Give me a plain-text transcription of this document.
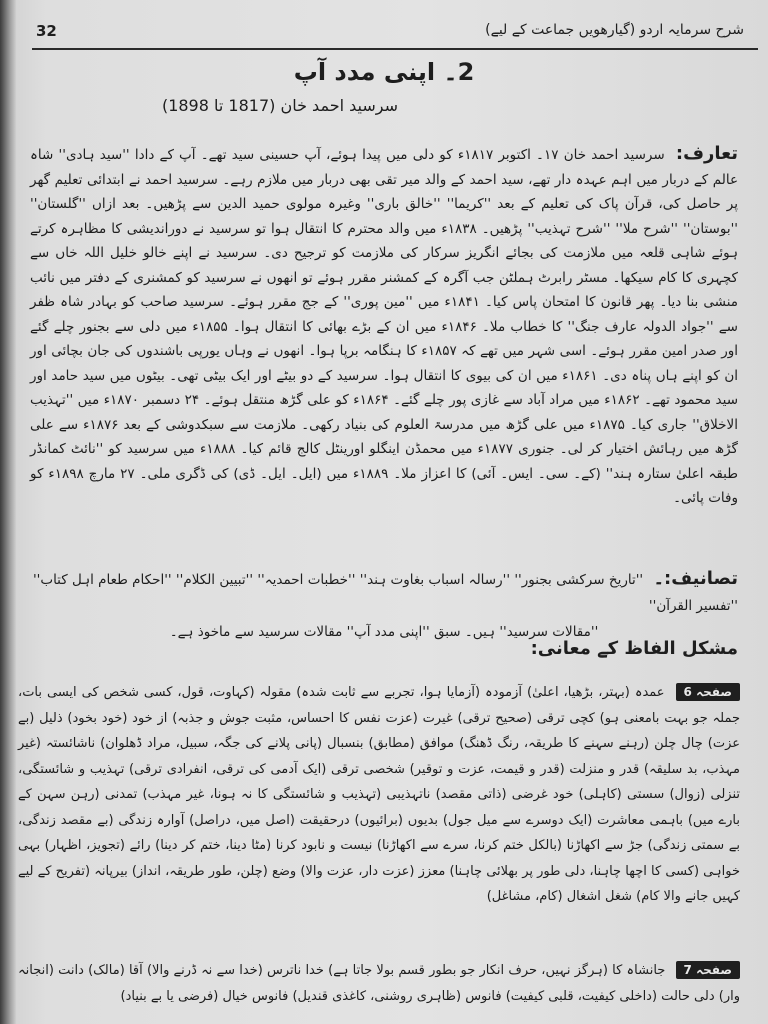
32	شرح سرمایہ اردو (گیارھویں جماعت کے لیے)
2۔ اپنی مدد آپ
سرسید احمد خان (1817 تا 1898)

تعارف: سرسید احمد خان ۱۷۔ اکتوبر ۱۸۱۷ء کو دلی میں پیدا ہوئے، آپ حسینی سید تھے۔ آپ کے دادا ''سید ہادی'' شاہ عالم کے دربار میں اہم عہدہ دار تھے، سید احمد کے والد میر تقی بھی دربار میں ملازم رہے۔ سرسید احمد نے ابتدائی تعلیم گھر پر حاصل کی، قرآن پاک کی تعلیم کے بعد ''کریما'' ''خالق باری'' وغیرہ مولوی حمید الدین سے پڑھیں۔ بعد ازاں ''گلستان'' ''بوستان'' ''شرح ملا'' ''شرح تہذیب'' پڑھیں۔ ۱۸۳۸ء میں والد محترم کا انتقال ہوا تو سرسید نے دوراندیشی کا مظاہرہ کرتے ہوئے شاہی قلعہ میں ملازمت کی بجائے انگریز سرکار کی ملازمت کو ترجیح دی۔ سرسید نے اپنے خالو خلیل اللہ خاں سے کچہری کا کام سیکھا۔ مسٹر رابرٹ ہملٹن جب آگرہ کے کمشنر مقرر ہوئے تو انھوں نے سرسید کو کمشنری کے دفتر میں نائب منشی بنا دیا۔ پھر قانون کا امتحان پاس کیا۔ ۱۸۴۱ء میں ''مین پوری'' کے جج مقرر ہوئے۔ سرسید صاحب کو بہادر شاہ ظفر سے ''جواد الدولہ عارف جنگ'' کا خطاب ملا۔ ۱۸۴۶ء میں ان کے بڑے بھائی کا انتقال ہوا۔ ۱۸۵۵ء میں دلی سے بجنور چلے گئے اور صدر امین مقرر ہوئے۔ اسی شہر میں تھے کہ ۱۸۵۷ء کا ہنگامہ برپا ہوا۔ انھوں نے وہاں یورپی باشندوں کی جان بچائی اور ان کو اپنے ہاں پناہ دی۔ ۱۸۶۱ء میں ان کی بیوی کا انتقال ہوا۔ سرسید کے دو بیٹے اور ایک بیٹی تھی۔ بیٹوں میں سید حامد اور سید محمود تھے۔ ۱۸۶۲ء میں مراد آباد سے غازی پور چلے گئے۔ ۱۸۶۴ء کو علی گڑھ منتقل ہوئے۔ ۲۴ دسمبر ۱۸۷۰ء میں ''تہذیب الاخلاق'' جاری کیا۔ ۱۸۷۵ء میں علی گڑھ میں مدرسۃ العلوم کی بنیاد رکھی۔ ملازمت سے سبکدوشی کے بعد ۱۸۷۶ء سے علی گڑھ میں رہائش اختیار کر لی۔ جنوری ۱۸۷۷ء میں محمڈن اینگلو اورینٹل کالج قائم کیا۔ ۱۸۸۸ء میں سرسید کو ''نائٹ کمانڈر طبقہ اعلیٰ ستارہ ہند'' (کے۔ سی۔ ایس۔ آئی) کا اعزاز ملا۔ ۱۸۸۹ء میں (ایل۔ ایل۔ ڈی) کی ڈگری ملی۔ ۲۷ مارچ ۱۸۹۸ء کو وفات پائی۔

تصانیف:۔ ''تاریخ سرکشی بجنور'' ''رسالہ اسباب بغاوت ہند'' ''خطبات احمدیہ'' ''تبیین الکلام'' ''احکام طعام اہل کتاب'' ''تفسیر القرآن''

''مقالات سرسید'' ہیں۔ سبق ''اپنی مدد آپ'' مقالات سرسید سے ماخوذ ہے۔

مشکل الفاظ کے معانی:

صفحہ 6 عمدہ (بہتر، بڑھیا، اعلیٰ) آزمودہ (آزمایا ہوا، تجربے سے ثابت شدہ) مقولہ (کہاوت، قول، کسی شخص کی ایسی بات، جملہ جو بہت بامعنی ہو) کچی ترقی (صحیح ترقی) غیرت (عزت نفس کا احساس، مثبت جوش و جذبہ) از خود (خود بخود) ذلیل (بے عزت) چال چلن (رہنے سہنے کا طریقہ، رنگ ڈھنگ) موافق (مطابق) بنسبال (پانی پلانے کی جگہ، سبیل، مراد ڈھلوان) ناشائستہ (غیر مہذب، بد سلیقہ) قدر و منزلت (قدر و قیمت، عزت و توقیر) شخصی ترقی (ایک آدمی کی ترقی، انفرادی ترقی) تہذیب و شائستگی، تنزلی (زوال) سستی (کاہلی) خود غرضی (ذاتی مقصد) ناتہذیبی (تہذیب و شائستگی کا نہ ہونا، غیر مہذب) تمدنی (رہن سہن کے بارے میں) باہمی معاشرت (ایک دوسرے سے میل جول) بدیوں (برائیوں) درحقیقت (اصل میں، دراصل) آوارہ زندگی (بے مقصد زندگی، بے سمتی زندگی) جڑ سے اکھاڑنا (بالکل ختم کرنا، سرے سے اکھاڑنا) نیست و نابود کرنا (مٹا دینا، ختم کر دینا) رائے (تجویز، اظہار) بہی خواہی (کسی کا اچھا چاہنا، دلی طور پر بھلائی چاہنا) معزز (عزت دار، عزت والا) وضع (چلن، طور طریقہ، انداز) بیرپانہ (تفریح کے لیے کہیں جانے والا کام) شغل اشغال (کام، مشاغل)

صفحہ 7 جانشاہ کا (ہرگز نہیں، حرف انکار جو بطور قسم بولا جاتا ہے) خدا ناترس (خدا سے نہ ڈرنے والا) آقا (مالک) دانت (انجانہ وار) دلی حالت (داخلی کیفیت، قلبی کیفیت) فانوس (ظاہری روشنی، کاغذی قندیل) فانوس خیال (فرضی یا بے بنیاد)
